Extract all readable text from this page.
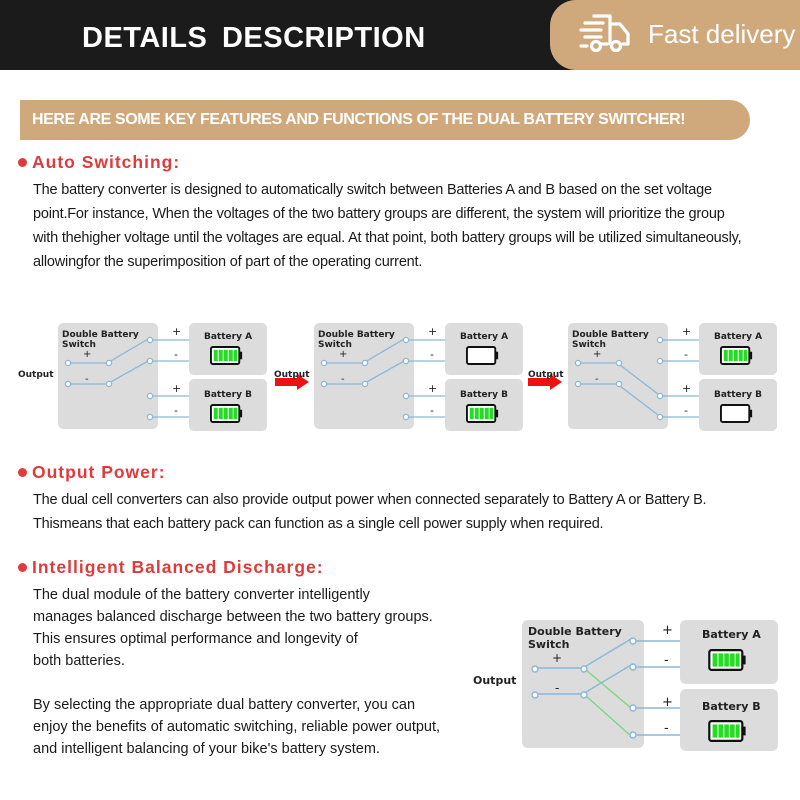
DETAILS DESCRIPTION	Fast delivery
HERE ARE SOME KEY FEATURES AND FUNCTIONS OF THE DUAL BATTERY SWITCHER!
Auto Switching:
The battery converter is designed to automatically switch between Batteries A and B based on the set voltage
point.For instance, When the voltages of the two battery groups are different, the system will prioritize the group
with thehigher voltage until the voltages are equal. At that point, both battery groups will be utilized simultaneously,
allowingfor the superimposition of part of the operating current.
Double Battery
Switch
Output
+
-
+
-
+
-
Battery A
Battery B
Double Battery
Switch
Output
+
-
+
-
+
-
Battery A
Battery B
Double Battery
Switch
Output
+
-
+
-
+
-
Battery A
Battery B
Output Power:
The dual cell converters can also provide output power when connected separately to Battery A or Battery B.
Thismeans that each battery pack can function as a single cell power supply when required.
Intelligent Balanced Discharge:
The dual module of the battery converter intelligently
manages balanced discharge between the two battery groups.
This ensures optimal performance and longevity of
both batteries.
By selecting the appropriate dual battery converter, you can
enjoy the benefits of automatic switching, reliable power output,
and intelligent balancing of your bike's battery system.
Double Battery
Switch
Output
+
-
+
-
+
-
Battery A
Battery B
